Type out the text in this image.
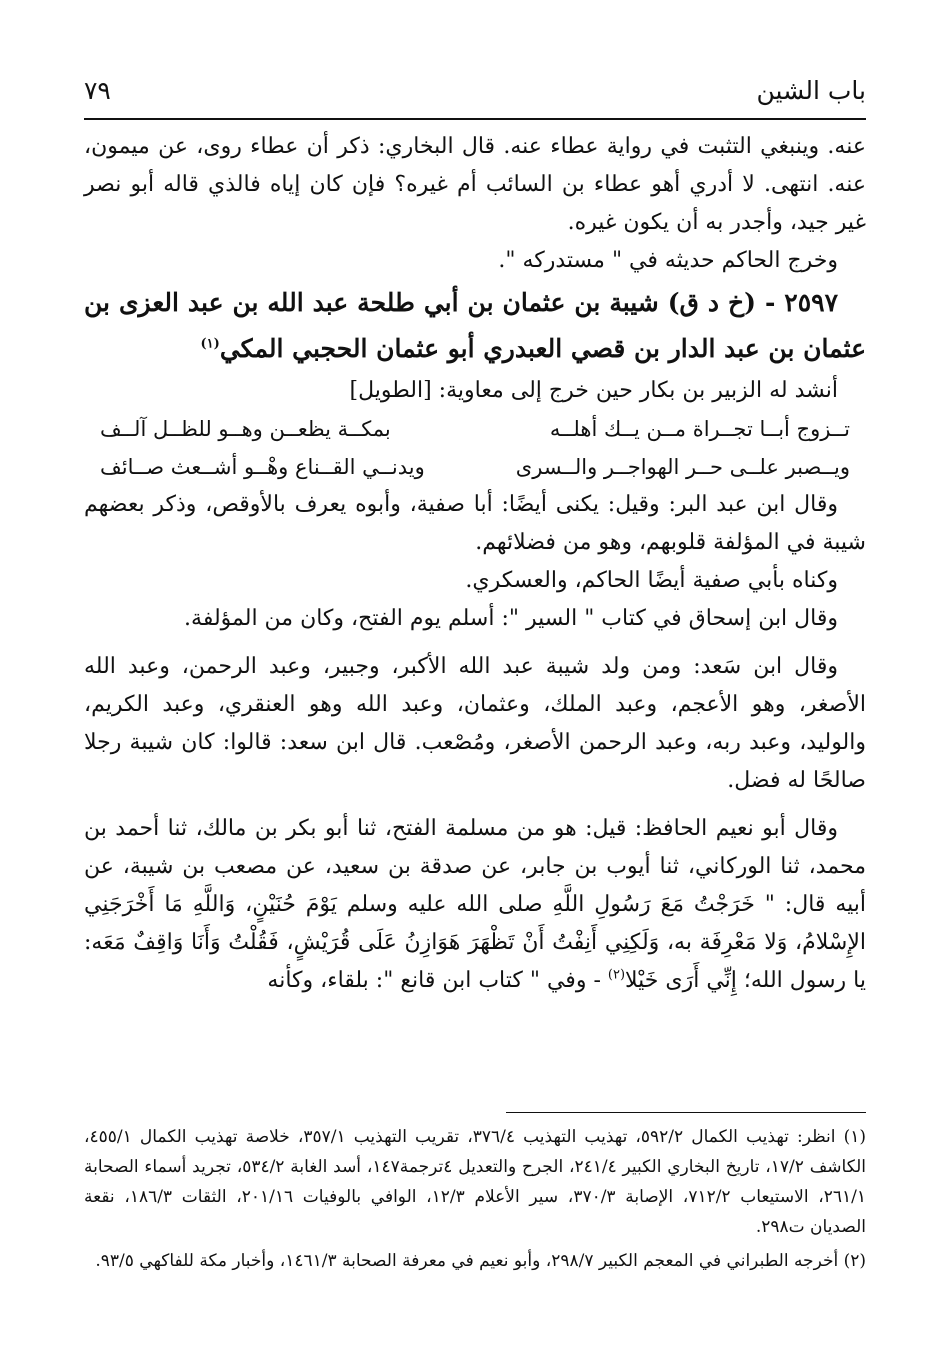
باب الشين
٧٩

عنه. وينبغي التثبت في رواية عطاء عنه. قال البخاري: ذكر أن عطاء روى، عن ميمون، عنه. انتهى. لا أدري أهو عطاء بن السائب أم غيره؟ فإن كان إياه فالذي قاله أبو نصر غير جيد، وأجدر به أن يكون غيره.

وخرج الحاكم حديثه في " مستدركه ".

٢٥٩٧ - (خ د ق) شيبة بن عثمان بن أبي طلحة عبد الله بن عبد العزى بن عثمان بن عبد الدار بن قصي العبدري أبو عثمان الحجبي المكي$^{(١)}$

أنشد له الزبير بن بكار حين خرج إلى معاوية: [الطويل]

تــزوج أبــا تجــراة مــن يــك أهلــه
بمكــة يظعــن وهــو للظــل آلــف
ويــصبر علــى حــر الهواجــر والــسرى
ويدنــي القــناع وهْــو أشــعث صــائف

وقال ابن عبد البر: وقيل: يكنى أيضًا: أبا صفية، وأبوه يعرف بالأوقص، وذكر بعضهم شيبة في المؤلفة قلوبهم، وهو من فضلائهم.

وكناه بأبي صفية أيضًا الحاكم، والعسكري.

وقال ابن إسحاق في كتاب " السير ": أسلم يوم الفتح، وكان من المؤلفة.

وقال ابن سَعد: ومن ولد شيبة عبد الله الأكبر، وجبير، وعبد الرحمن، وعبد الله الأصغر، وهو الأعجم، وعبد الملك، وعثمان، وعبد الله وهو العنقري، وعبد الكريم، والوليد، وعبد ربه، وعبد الرحمن الأصغر، ومُصْعب. قال ابن سعد: قالوا: كان شيبة رجلا صالحًا له فضل.

وقال أبو نعيم الحافظ: قيل: هو من مسلمة الفتح، ثنا أبو بكر بن مالك، ثنا أحمد بن محمد، ثنا الوركاني، ثنا أيوب بن جابر، عن صدقة بن سعيد، عن مصعب بن شيبة، عن أبيه قال: " خَرَجْتُ مَعَ رَسُولِ اللَّهِ صلى الله عليه وسلم يَوْمَ حُنَيْنٍ، وَاللَّهِ مَا أَخْرَجَنِي الإِسْلامُ، وَلا مَعْرِفَة به، وَلَكِنِي أَنِفْتُ أَنْ تَظْهَرَ هَوَازِنُ عَلَى قُرَيْشٍ، فَقُلْتُ وَأَنَا وَاقِفٌ مَعَه: يا رسول الله؛ إِنِّي أَرَى خَيْلا$^{(٢)}$ - وفي " كتاب ابن قانع ": بلقاء، وكأنه

(١) انظر: تهذيب الكمال ٥٩٢/٢، تهذيب التهذيب ٣٧٦/٤، تقريب التهذيب ٣٥٧/١، خلاصة تهذيب الكمال ٤٥٥/١، الكاشف ١٧/٢، تاريخ البخاري الكبير ٢٤١/٤، الجرح والتعديل ٤ترجمة١٤٧، أسد الغابة ٥٣٤/٢، تجريد أسماء الصحابة ٢٦١/١، الاستيعاب ٧١٢/٢، الإصابة ٣٧٠/٣، سير الأعلام ١٢/٣، الوافي بالوفيات ٢٠١/١٦، الثقات ١٨٦/٣، نقعة الصديان ت٢٩٨.

(٢) أخرجه الطبراني في المعجم الكبير ٢٩٨/٧، وأبو نعيم في معرفة الصحابة ١٤٦١/٣، وأخبار مكة للفاكهي ٩٣/٥.
